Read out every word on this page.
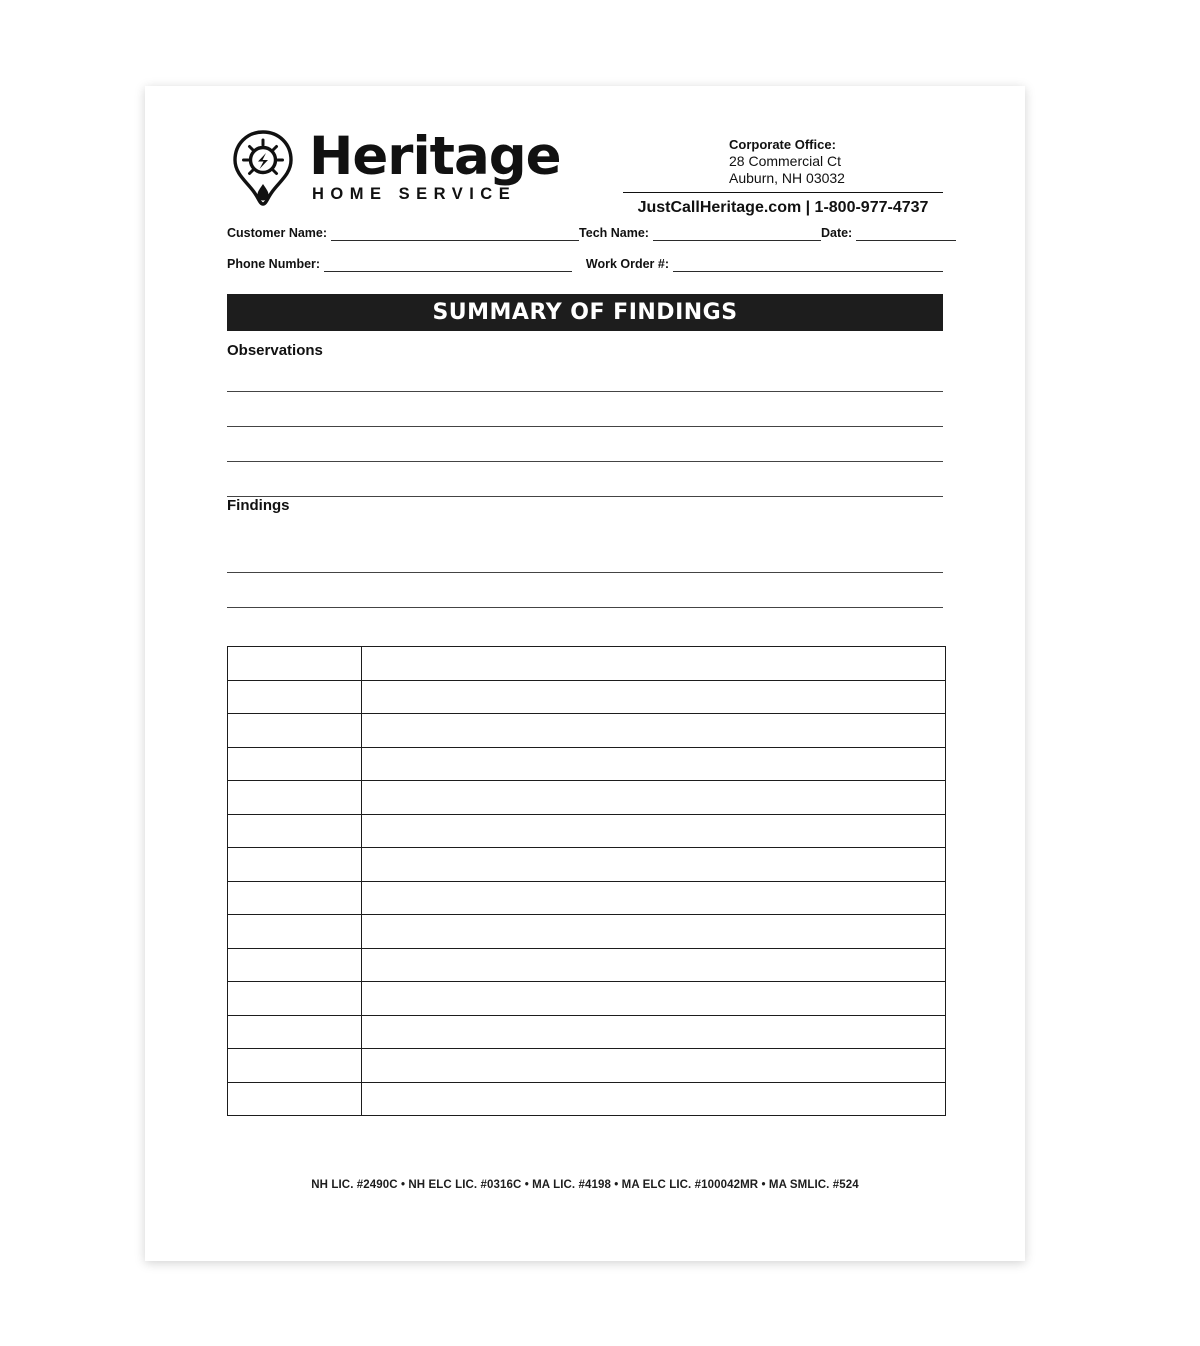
Heritage
HOME SERVICE
Corporate Office:
28 Commercial Ct
Auburn, NH 03032
JustCallHeritage.com | 1-800-977-4737
Customer Name:	Tech Name:	Date:
Phone Number:	Work Order #:
SUMMARY OF FINDINGS
Observations
Findings

NH LIC. #2490C • NH ELC LIC. #0316C • MA LIC. #4198 • MA ELC LIC. #100042MR • MA SMLIC. #524
